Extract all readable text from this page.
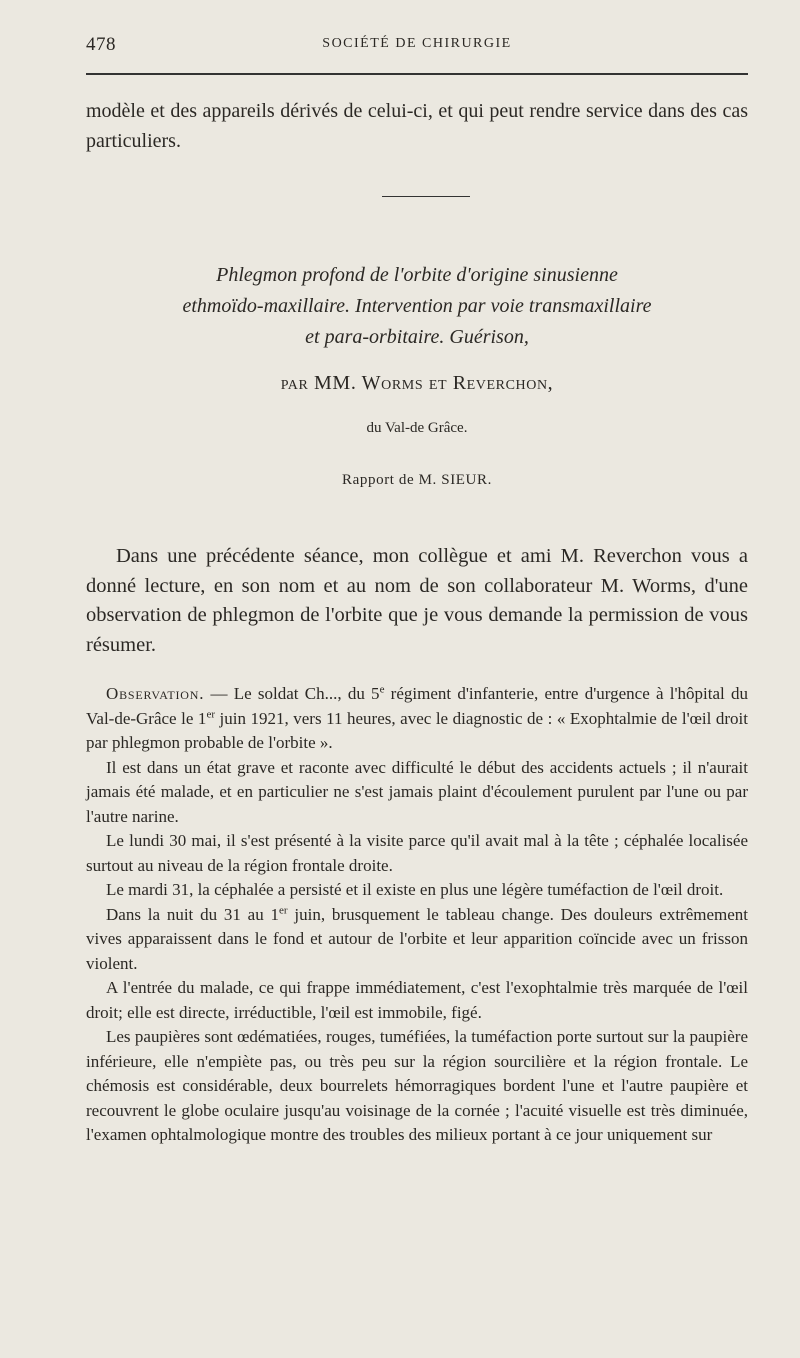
478	SOCIÉTÉ DE CHIRURGIE
modèle et des appareils dérivés de celui-ci, et qui peut rendre service dans des cas particuliers.
Phlegmon profond de l'orbite d'origine sinusienne
ethmoïdo-maxillaire. Intervention par voie transmaxillaire
et para-orbitaire. Guérison,
par MM. Worms et Reverchon,
du Val-de Grâce.
Rapport de M. SIEUR.
Dans une précédente séance, mon collègue et ami M. Reverchon vous a donné lecture, en son nom et au nom de son collaborateur M. Worms, d'une observation de phlegmon de l'orbite que je vous demande la permission de vous résumer.

Observation. — Le soldat Ch..., du 5e régiment d'infanterie, entre d'urgence à l'hôpital du Val-de-Grâce le 1er juin 1921, vers 11 heures, avec le diagnostic de : « Exophtalmie de l'œil droit par phlegmon probable de l'orbite ».

Il est dans un état grave et raconte avec difficulté le début des accidents actuels ; il n'aurait jamais été malade, et en particulier ne s'est jamais plaint d'écoulement purulent par l'une ou par l'autre narine.

Le lundi 30 mai, il s'est présenté à la visite parce qu'il avait mal à la tête ; céphalée localisée surtout au niveau de la région frontale droite.

Le mardi 31, la céphalée a persisté et il existe en plus une légère tuméfaction de l'œil droit.

Dans la nuit du 31 au 1er juin, brusquement le tableau change. Des douleurs extrêmement vives apparaissent dans le fond et autour de l'orbite et leur apparition coïncide avec un frisson violent.

A l'entrée du malade, ce qui frappe immédiatement, c'est l'exophtalmie très marquée de l'œil droit; elle est directe, irréductible, l'œil est immobile, figé.

Les paupières sont œdématiées, rouges, tuméfiées, la tuméfaction porte surtout sur la paupière inférieure, elle n'empiète pas, ou très peu sur la région sourcilière et la région frontale. Le chémosis est considérable, deux bourrelets hémorragiques bordent l'une et l'autre paupière et recouvrent le globe oculaire jusqu'au voisinage de la cornée ; l'acuité visuelle est très diminuée, l'examen ophtalmologique montre des troubles des milieux portant à ce jour uniquement sur
